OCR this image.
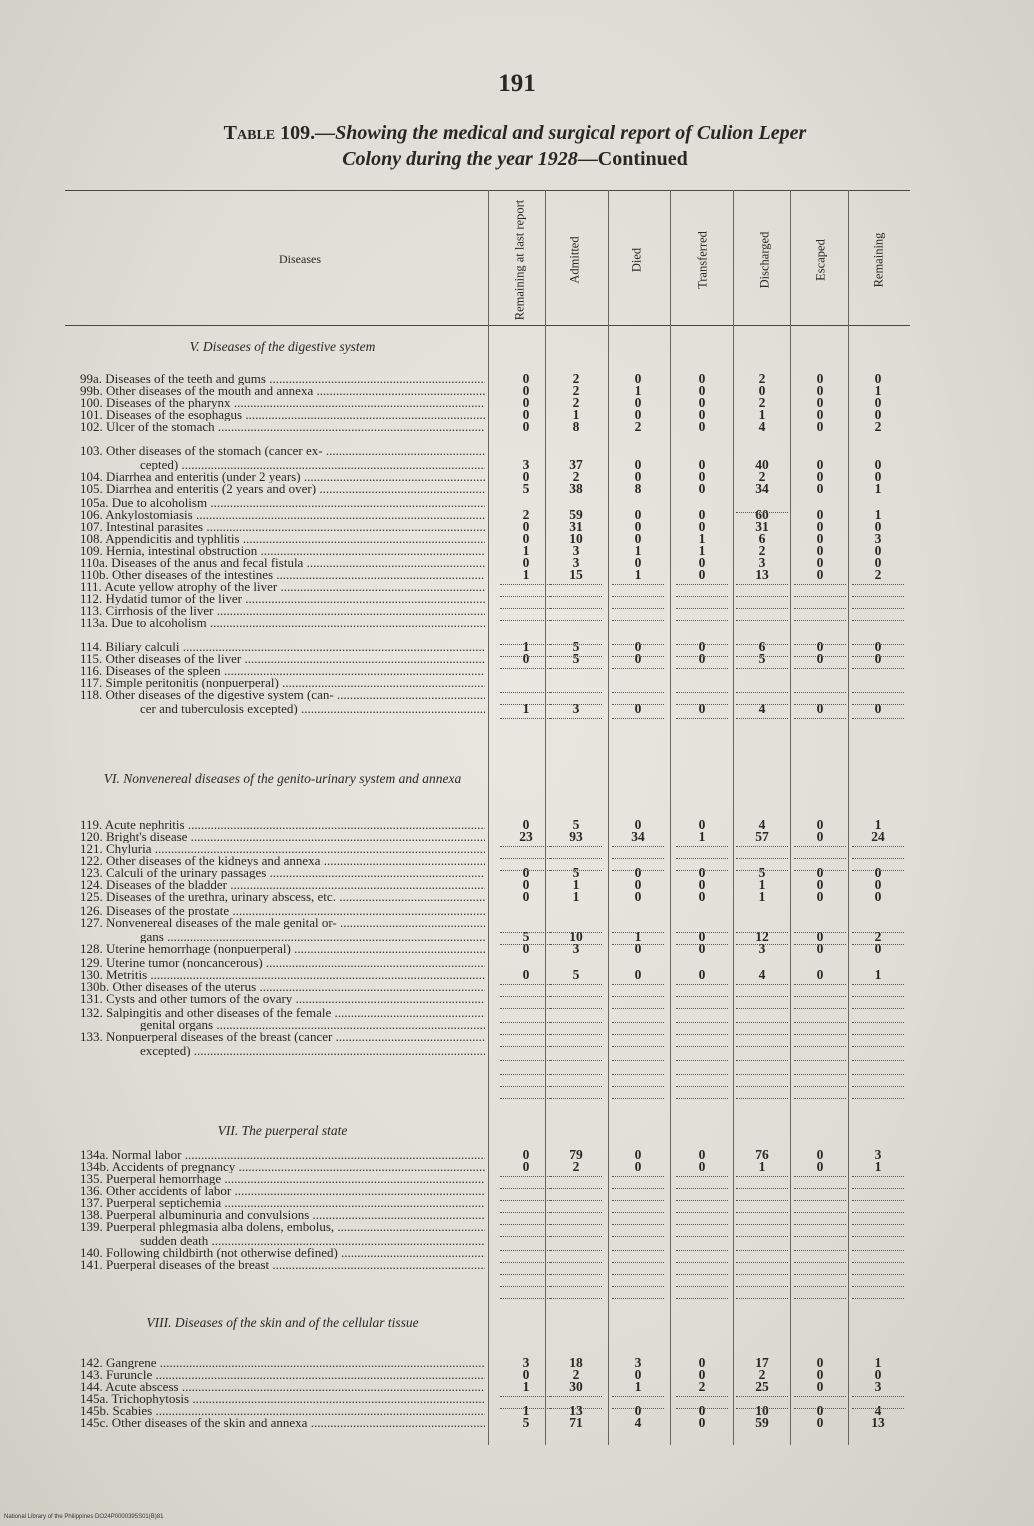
191
Table 109.—Showing the medical and surgical report of Culion Leper
Colony during the year 1928—Continued
Diseases	Remaining at last report	Admitted	Died	Transferred	Discharged	Escaped	Remaining
V. Diseases of the digestive system
VI. Nonvenereal diseases of the genito-urinary system and annexa
VII. The puerperal state
VIII. Diseases of the skin and of the cellular tissue
99a. Diseases of the teeth and gums .....	0	2	0	0	2	0	0
99b. Other diseases of the mouth and annexa .....	0	2	1	0	0	0	1
100. Diseases of the pharynx .....	0	2	0	0	2	0	0
101. Diseases of the esophagus .....	0	1	0	0	1	0	0
102. Ulcer of the stomach .....	0	8	2	0	4	0	2
103. Other diseases of the stomach (cancer ex- .....
cepted) .....	3	37	0	0	40	0	0
104. Diarrhea and enteritis (under 2 years) .....	0	2	0	0	2	0	0
105. Diarrhea and enteritis (2 years and over) .....	5	38	8	0	34	0	1
105a. Due to alcoholism .....
106. Ankylostomiasis .....	2	59	0	0	60	0	1
107. Intestinal parasites .....	0	31	0	0	31	0	0
108. Appendicitis and typhlitis .....	0	10	0	1	6	0	3
109. Hernia, intestinal obstruction .....	1	3	1	1	2	0	0
110a. Diseases of the anus and fecal fistula .....	0	3	0	0	3	0	0
110b. Other diseases of the intestines .....	1	15	1	0	13	0	2
111. Acute yellow atrophy of the liver .....
112. Hydatid tumor of the liver .....
113. Cirrhosis of the liver .....
113a. Due to alcoholism .....
114. Biliary calculi .....	1	5	0	0	6	0	0
115. Other diseases of the liver .....	0	5	0	0	5	0	0
116. Diseases of the spleen .....
117. Simple peritonitis (nonpuerperal) .....
118. Other diseases of the digestive system (can- .....
cer and tuberculosis excepted) .....	1	3	0	0	4	0	0
119. Acute nephritis .....	0	5	0	0	4	0	1
120. Bright's disease .....	23	93	34	1	57	0	24
121. Chyluria .....
122. Other diseases of the kidneys and annexa .....
123. Calculi of the urinary passages .....	0	5	0	0	5	0	0
124. Diseases of the bladder .....	0	1	0	0	1	0	0
125. Diseases of the urethra, urinary abscess, etc. .....	0	1	0	0	1	0	0
126. Diseases of the prostate .....
127. Nonvenereal diseases of the male genital or- .....
gans .....	5	10	1	0	12	0	2
128. Uterine hemorrhage (nonpuerperal) .....	0	3	0	0	3	0	0
129. Uterine tumor (noncancerous) .....
130. Metritis .....	0	5	0	0	4	0	1
130b. Other diseases of the uterus .....
131. Cysts and other tumors of the ovary .....
132. Salpingitis and other diseases of the female .....
genital organs .....
133. Nonpuerperal diseases of the breast (cancer .....
excepted) .....
134a. Normal labor .....	0	79	0	0	76	0	3
134b. Accidents of pregnancy .....	0	2	0	0	1	0	1
135. Puerperal hemorrhage .....
136. Other accidents of labor .....
137. Puerperal septichemia .....
138. Puerperal albuminuria and convulsions .....
139. Puerperal phlegmasia alba dolens, embolus, .....
sudden death .....
140. Following childbirth (not otherwise defined) .....
141. Puerperal diseases of the breast .....
142. Gangrene .....	3	18	3	0	17	0	1
143. Furuncle .....	0	2	0	0	2	0	0
144. Acute abscess .....	1	30	1	2	25	0	3
145a. Trichophytosis .....
145b. Scabies .....	1	13	0	0	10	0	4
145c. Other diseases of the skin and annexa .....	5	71	4	0	59	0	13
National Library of the Philippines DO24P0000395S01(B)81
